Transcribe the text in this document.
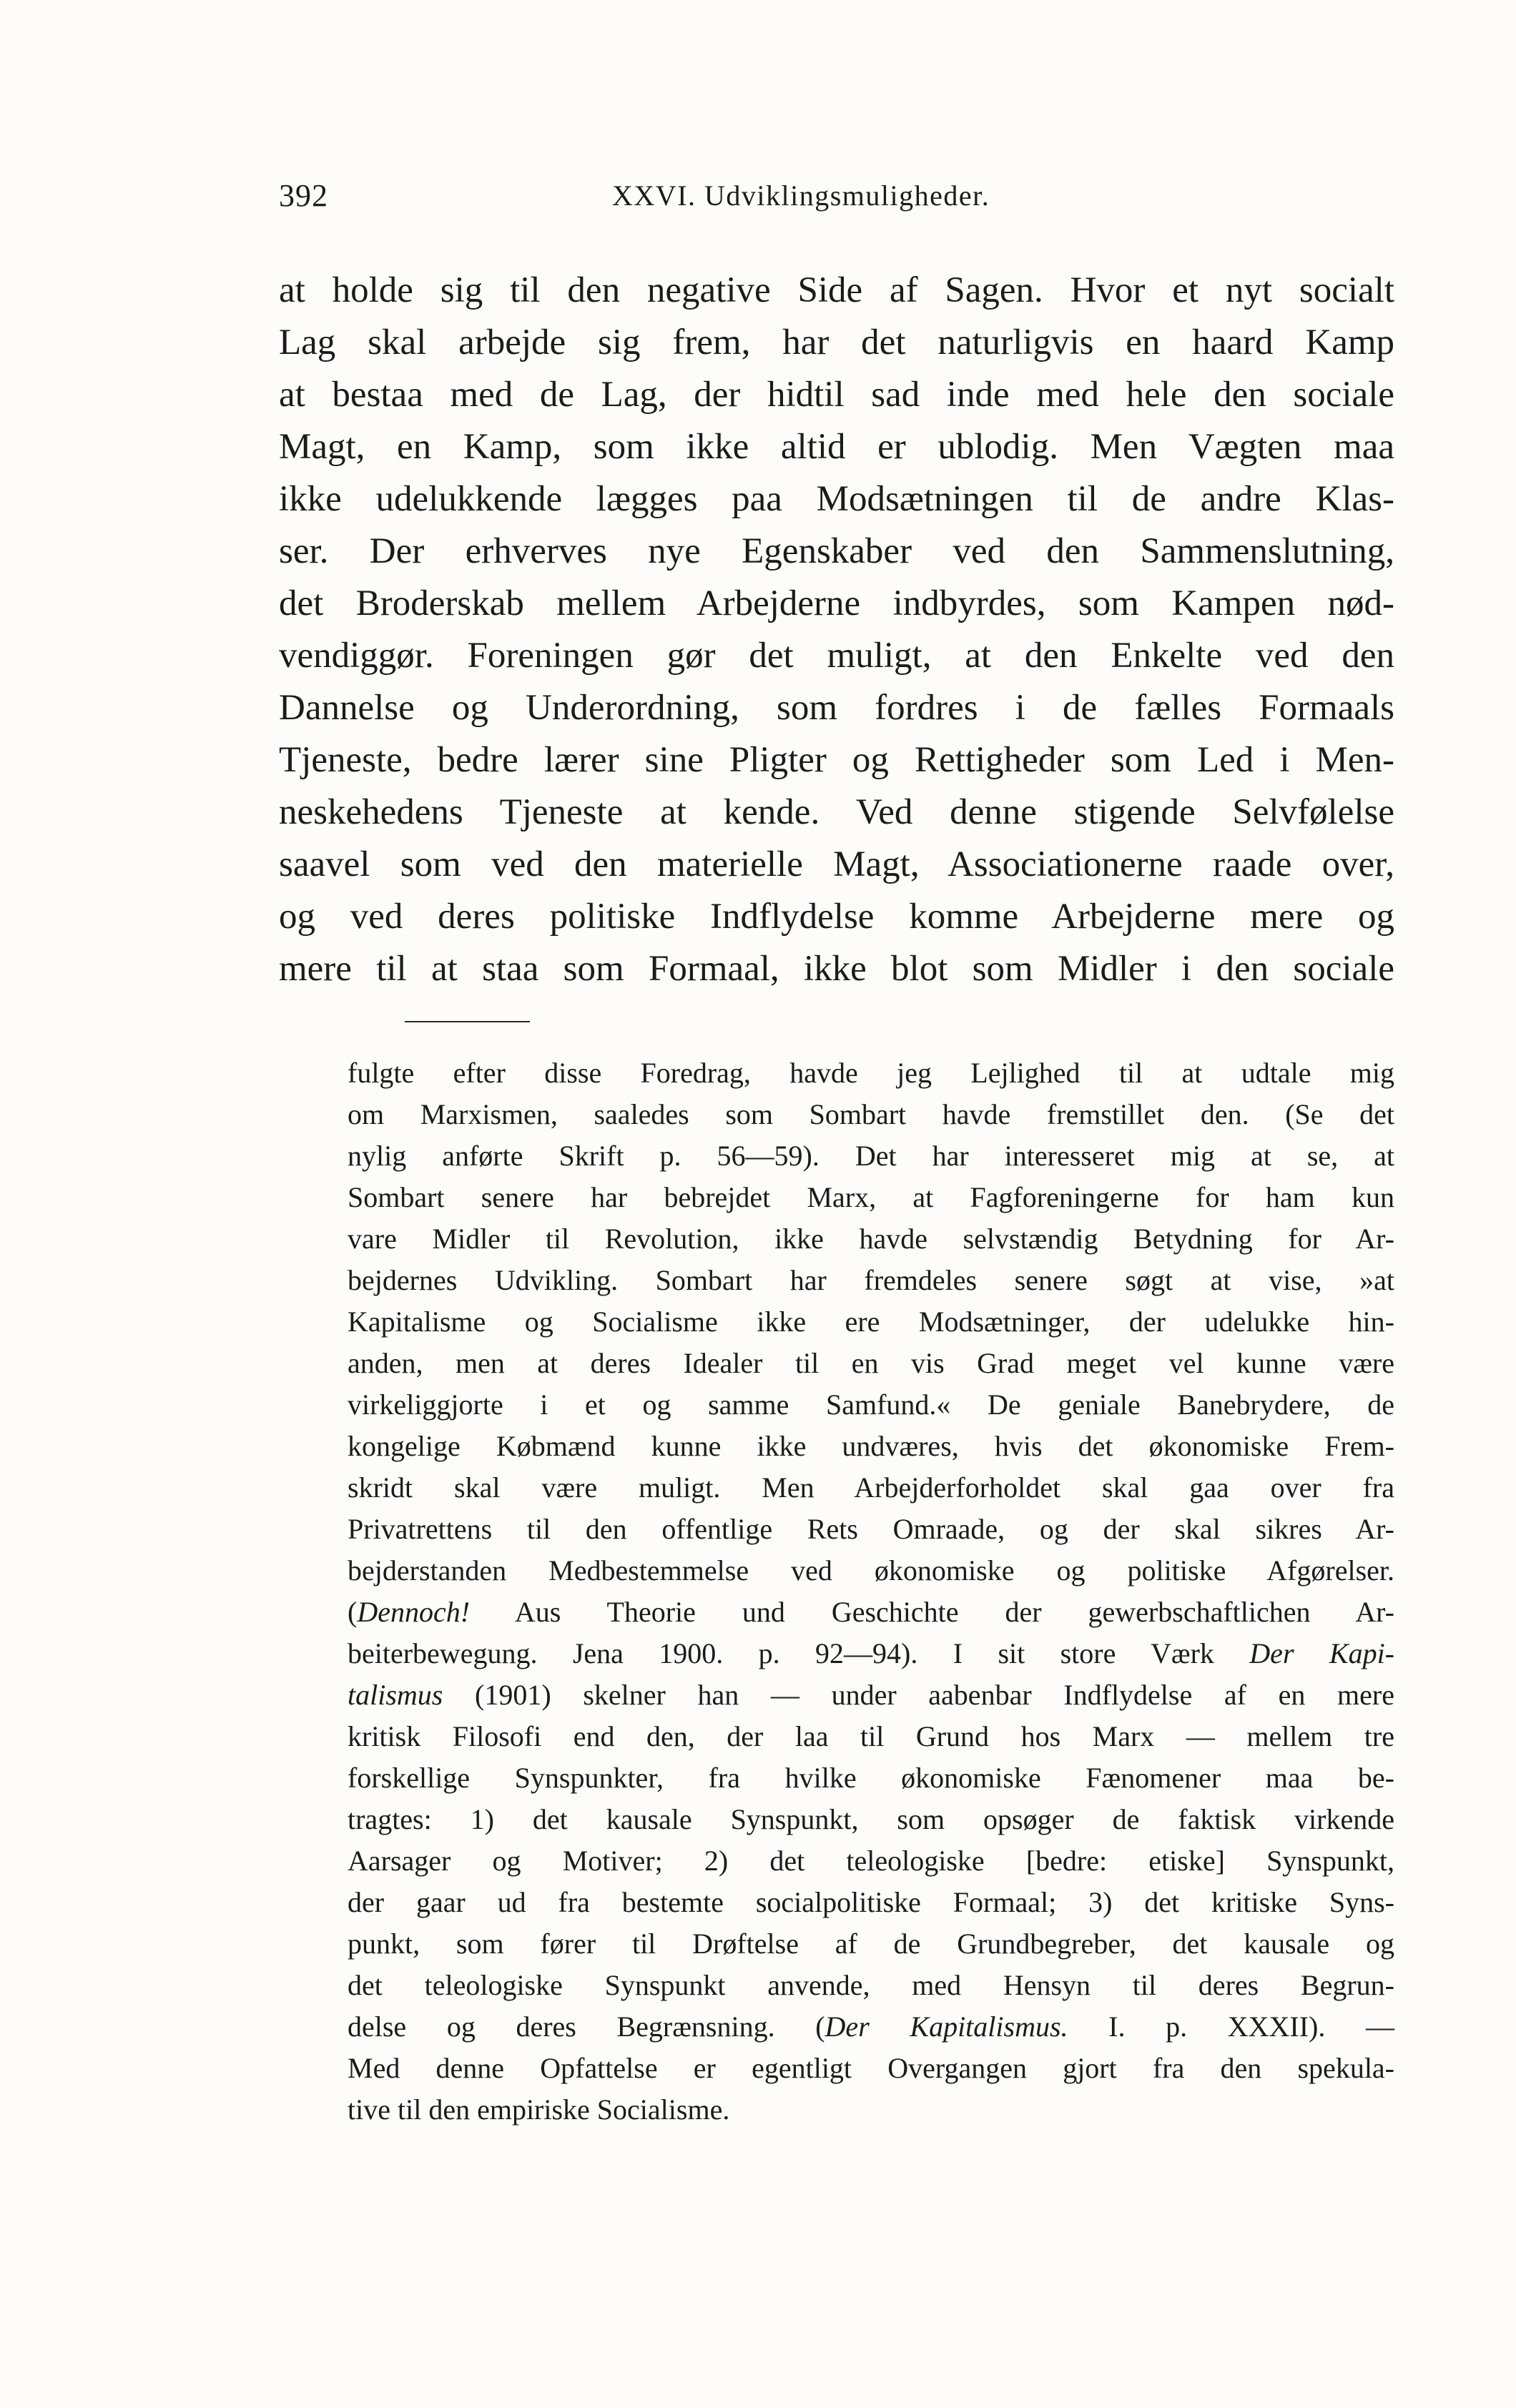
392	XXVI. Udviklingsmuligheder.
at holde sig til den negative Side af Sagen. Hvor et nyt socialt
Lag skal arbejde sig frem, har det naturligvis en haard Kamp
at bestaa med de Lag, der hidtil sad inde med hele den sociale
Magt, en Kamp, som ikke altid er ublodig. Men Vægten maa
ikke udelukkende lægges paa Modsætningen til de andre Klas-
ser. Der erhverves nye Egenskaber ved den Sammenslutning,
det Broderskab mellem Arbejderne indbyrdes, som Kampen nød-
vendiggør. Foreningen gør det muligt, at den Enkelte ved den
Dannelse og Underordning, som fordres i de fælles Formaals
Tjeneste, bedre lærer sine Pligter og Rettigheder som Led i Men-
neskehedens Tjeneste at kende. Ved denne stigende Selvfølelse
saavel som ved den materielle Magt, Associationerne raade over,
og ved deres politiske Indflydelse komme Arbejderne mere og
mere til at staa som Formaal, ikke blot som Midler i den sociale
fulgte efter disse Foredrag, havde jeg Lejlighed til at udtale mig
om Marxismen, saaledes som Sombart havde fremstillet den. (Se det
nylig anførte Skrift p. 56—59). Det har interesseret mig at se, at
Sombart senere har bebrejdet Marx, at Fagforeningerne for ham kun
vare Midler til Revolution, ikke havde selvstændig Betydning for Ar-
bejdernes Udvikling. Sombart har fremdeles senere søgt at vise, »at
Kapitalisme og Socialisme ikke ere Modsætninger, der udelukke hin-
anden, men at deres Idealer til en vis Grad meget vel kunne være
virkeliggjorte i et og samme Samfund.« De geniale Banebrydere, de
kongelige Købmænd kunne ikke undværes, hvis det økonomiske Frem-
skridt skal være muligt. Men Arbejderforholdet skal gaa over fra
Privatrettens til den offentlige Rets Omraade, og der skal sikres Ar-
bejderstanden Medbestemmelse ved økonomiske og politiske Afgørelser.
(Dennoch! Aus Theorie und Geschichte der gewerbschaftlichen Ar-
beiterbewegung. Jena 1900. p. 92—94). I sit store Værk Der Kapi-
talismus (1901) skelner han — under aabenbar Indflydelse af en mere
kritisk Filosofi end den, der laa til Grund hos Marx — mellem tre
forskellige Synspunkter, fra hvilke økonomiske Fænomener maa be-
tragtes: 1) det kausale Synspunkt, som opsøger de faktisk virkende
Aarsager og Motiver; 2) det teleologiske [bedre: etiske] Synspunkt,
der gaar ud fra bestemte socialpolitiske Formaal; 3) det kritiske Syns-
punkt, som fører til Drøftelse af de Grundbegreber, det kausale og
det teleologiske Synspunkt anvende, med Hensyn til deres Begrun-
delse og deres Begrænsning. (Der Kapitalismus. I. p. XXXII). —
Med denne Opfattelse er egentligt Overgangen gjort fra den spekula-
tive til den empiriske Socialisme.
